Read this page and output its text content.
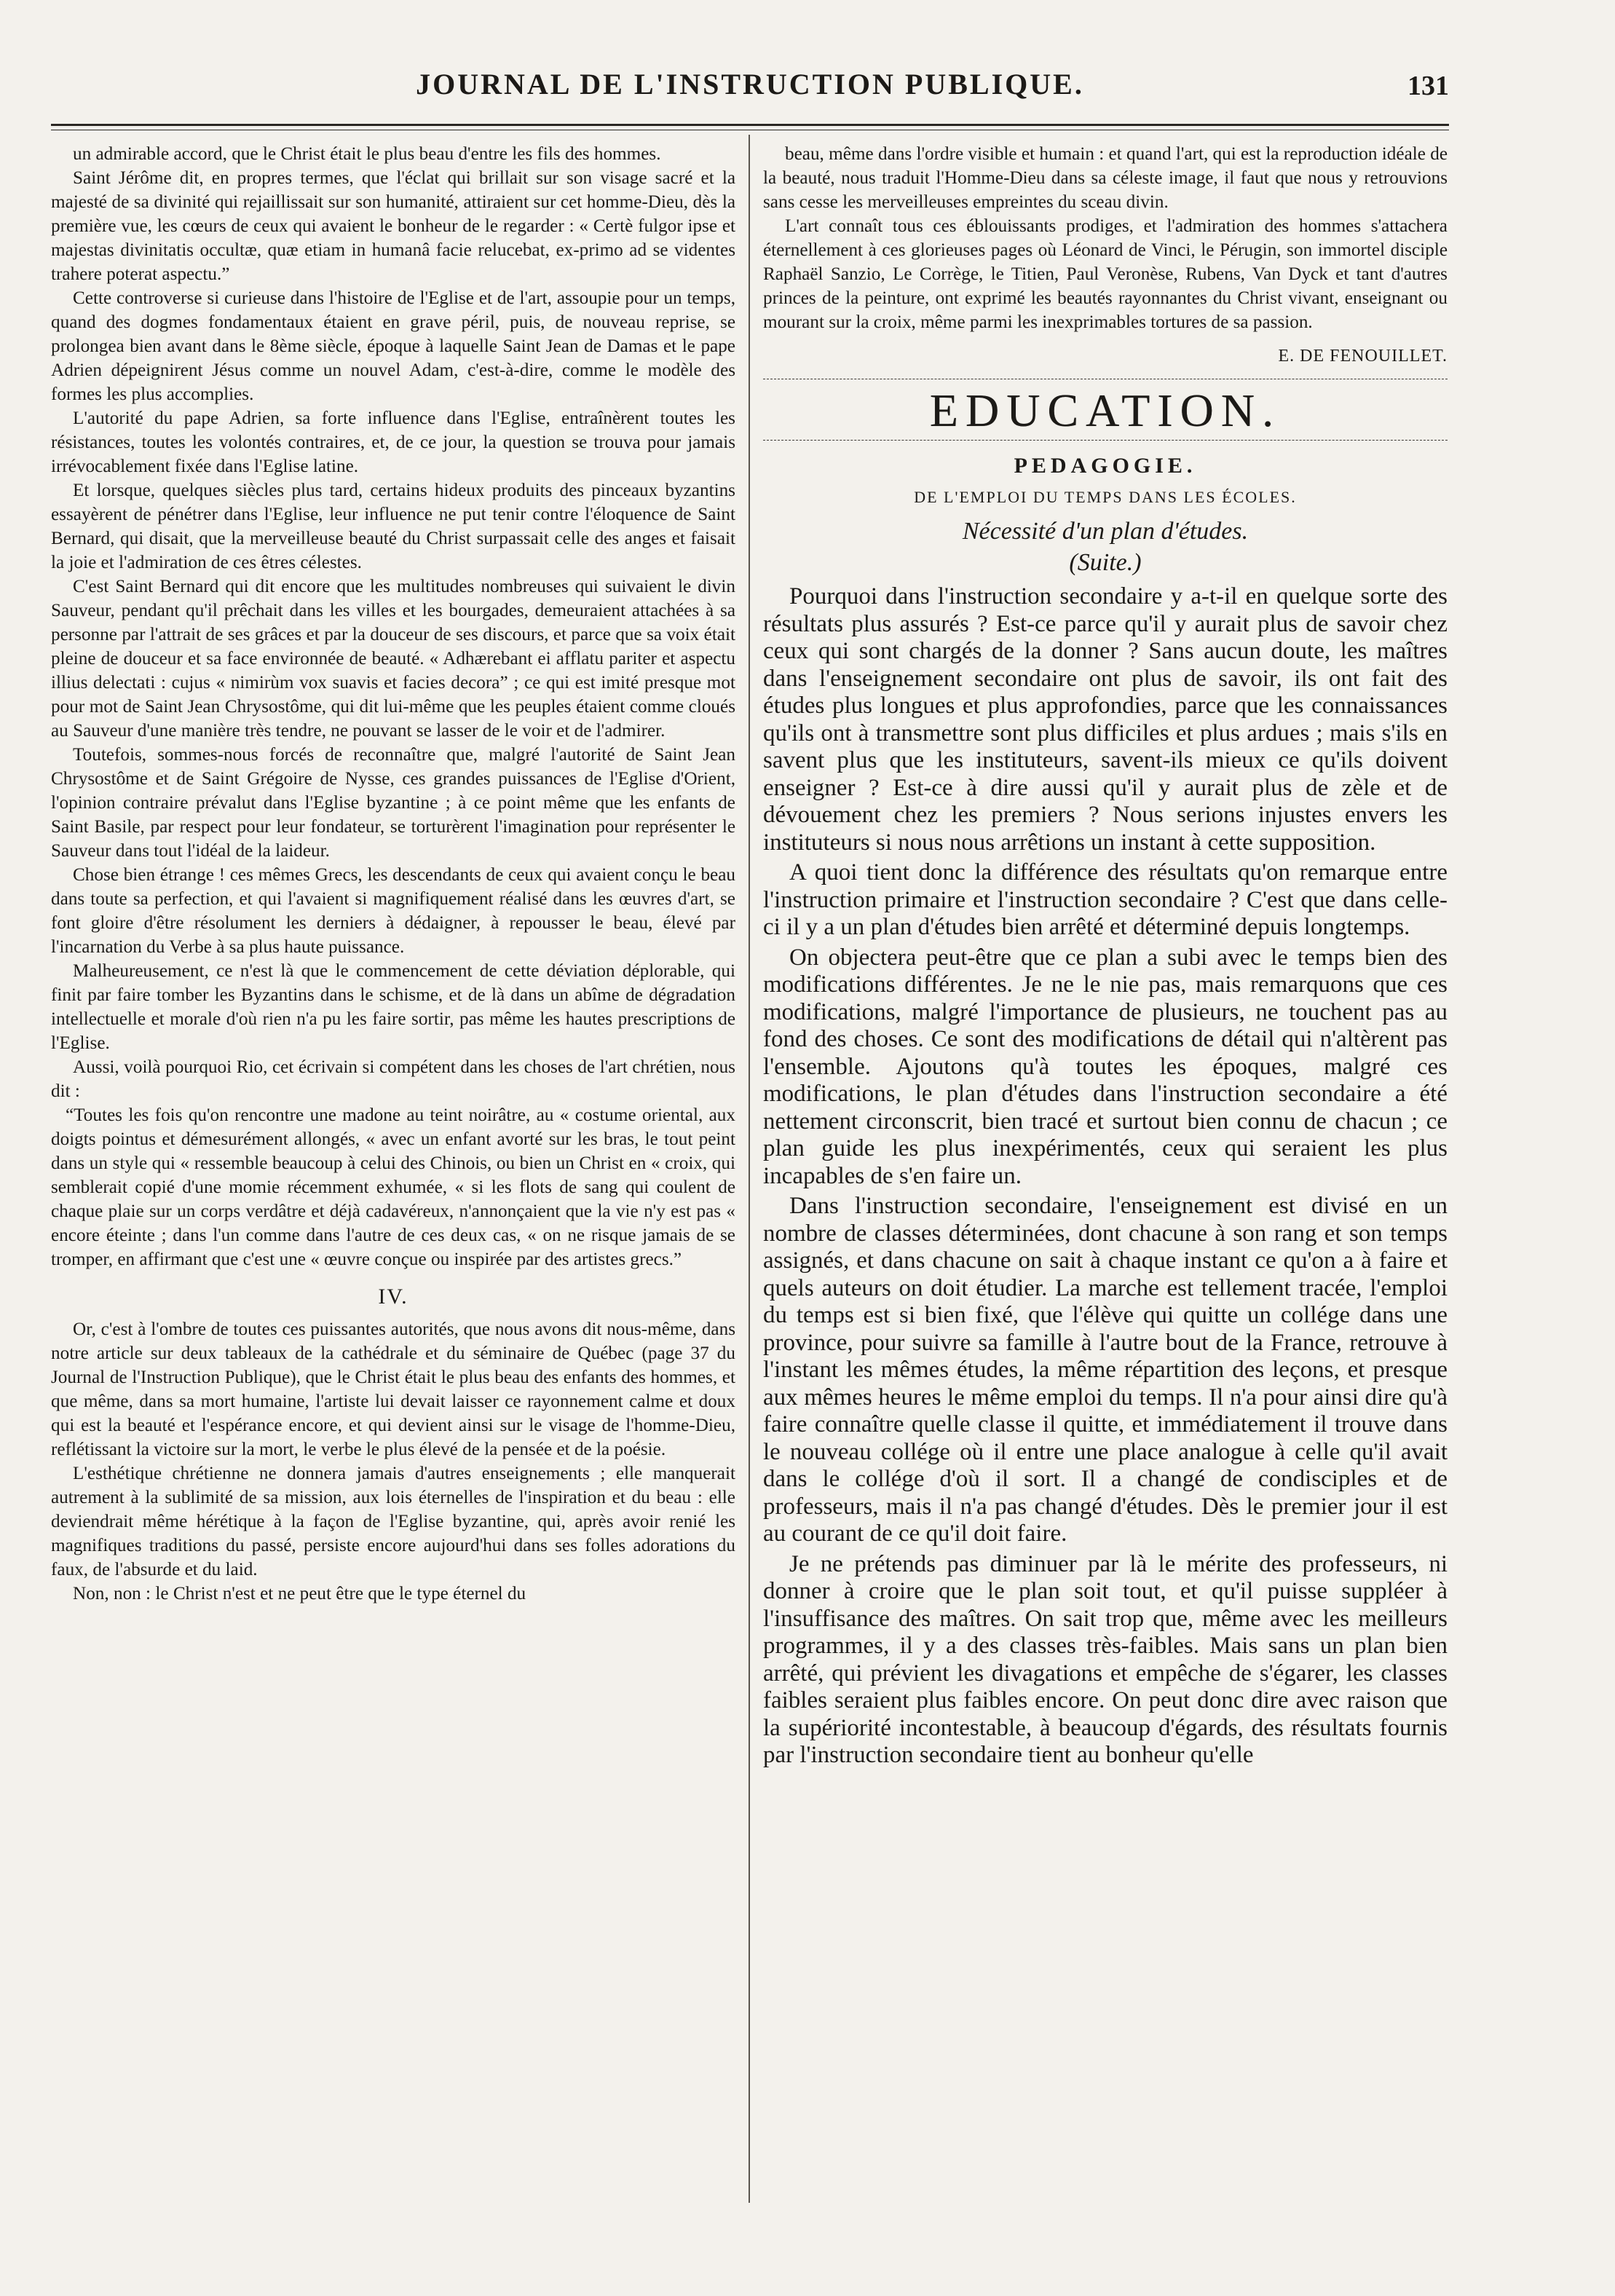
JOURNAL DE L'INSTRUCTION PUBLIQUE.	131

un admirable accord, que le Christ était le plus beau d'entre les fils des hommes.

Saint Jérôme dit, en propres termes, que l'éclat qui brillait sur son visage sacré et la majesté de sa divinité qui rejaillissait sur son humanité, attiraient sur cet homme-Dieu, dès la première vue, les cœurs de ceux qui avaient le bonheur de le regarder : « Certè fulgor ipse et majestas divinitatis occultæ, quæ etiam in humanâ facie relucebat, ex-primo ad se videntes trahere poterat aspectu.”

Cette controverse si curieuse dans l'histoire de l'Eglise et de l'art, assoupie pour un temps, quand des dogmes fondamentaux étaient en grave péril, puis, de nouveau reprise, se prolongea bien avant dans le 8ème siècle, époque à laquelle Saint Jean de Damas et le pape Adrien dépeignirent Jésus comme un nouvel Adam, c'est-à-dire, comme le modèle des formes les plus accomplies.

L'autorité du pape Adrien, sa forte influence dans l'Eglise, entraînèrent toutes les résistances, toutes les volontés contraires, et, de ce jour, la question se trouva pour jamais irrévocablement fixée dans l'Eglise latine.

Et lorsque, quelques siècles plus tard, certains hideux produits des pinceaux byzantins essayèrent de pénétrer dans l'Eglise, leur influence ne put tenir contre l'éloquence de Saint Bernard, qui disait, que la merveilleuse beauté du Christ surpassait celle des anges et faisait la joie et l'admiration de ces êtres célestes.

C'est Saint Bernard qui dit encore que les multitudes nombreuses qui suivaient le divin Sauveur, pendant qu'il prêchait dans les villes et les bourgades, demeuraient attachées à sa personne par l'attrait de ses grâces et par la douceur de ses discours, et parce que sa voix était pleine de douceur et sa face environnée de beauté. « Adhærebant ei afflatu pariter et aspectu illius delectati : cujus « nimirùm vox suavis et facies decora” ; ce qui est imité presque mot pour mot de Saint Jean Chrysostôme, qui dit lui-même que les peuples étaient comme cloués au Sauveur d'une manière très tendre, ne pouvant se lasser de le voir et de l'admirer.

Toutefois, sommes-nous forcés de reconnaître que, malgré l'autorité de Saint Jean Chrysostôme et de Saint Grégoire de Nysse, ces grandes puissances de l'Eglise d'Orient, l'opinion contraire prévalut dans l'Eglise byzantine ; à ce point même que les enfants de Saint Basile, par respect pour leur fondateur, se torturèrent l'imagination pour représenter le Sauveur dans tout l'idéal de la laideur.

Chose bien étrange ! ces mêmes Grecs, les descendants de ceux qui avaient conçu le beau dans toute sa perfection, et qui l'avaient si magnifiquement réalisé dans les œuvres d'art, se font gloire d'être résolument les derniers à dédaigner, à repousser le beau, élevé par l'incarnation du Verbe à sa plus haute puissance.

Malheureusement, ce n'est là que le commencement de cette déviation déplorable, qui finit par faire tomber les Byzantins dans le schisme, et de là dans un abîme de dégradation intellectuelle et morale d'où rien n'a pu les faire sortir, pas même les hautes prescriptions de l'Eglise.

Aussi, voilà pourquoi Rio, cet écrivain si compétent dans les choses de l'art chrétien, nous dit :

“Toutes les fois qu'on rencontre une madone au teint noirâtre, au « costume oriental, aux doigts pointus et démesurément allongés, « avec un enfant avorté sur les bras, le tout peint dans un style qui « ressemble beaucoup à celui des Chinois, ou bien un Christ en « croix, qui semblerait copié d'une momie récemment exhumée, « si les flots de sang qui coulent de chaque plaie sur un corps verdâtre et déjà cadavéreux, n'annonçaient que la vie n'y est pas « encore éteinte ; dans l'un comme dans l'autre de ces deux cas, « on ne risque jamais de se tromper, en affirmant que c'est une « œuvre conçue ou inspirée par des artistes grecs.”

IV.

Or, c'est à l'ombre de toutes ces puissantes autorités, que nous avons dit nous-même, dans notre article sur deux tableaux de la cathédrale et du séminaire de Québec (page 37 du Journal de l'Instruction Publique), que le Christ était le plus beau des enfants des hommes, et que même, dans sa mort humaine, l'artiste lui devait laisser ce rayonnement calme et doux qui est la beauté et l'espérance encore, et qui devient ainsi sur le visage de l'homme-Dieu, reflétissant la victoire sur la mort, le verbe le plus élevé de la pensée et de la poésie.

L'esthétique chrétienne ne donnera jamais d'autres enseignements ; elle manquerait autrement à la sublimité de sa mission, aux lois éternelles de l'inspiration et du beau : elle deviendrait même hérétique à la façon de l'Eglise byzantine, qui, après avoir renié les magnifiques traditions du passé, persiste encore aujourd'hui dans ses folles adorations du faux, de l'absurde et du laid.

Non, non : le Christ n'est et ne peut être que le type éternel du

beau, même dans l'ordre visible et humain : et quand l'art, qui est la reproduction idéale de la beauté, nous traduit l'Homme-Dieu dans sa céleste image, il faut que nous y retrouvions sans cesse les merveilleuses empreintes du sceau divin.

L'art connaît tous ces éblouissants prodiges, et l'admiration des hommes s'attachera éternellement à ces glorieuses pages où Léonard de Vinci, le Pérugin, son immortel disciple Raphaël Sanzio, Le Corrège, le Titien, Paul Veronèse, Rubens, Van Dyck et tant d'autres princes de la peinture, ont exprimé les beautés rayonnantes du Christ vivant, enseignant ou mourant sur la croix, même parmi les inexprimables tortures de sa passion.

E. DE FENOUILLET.
EDUCATION.
PEDAGOGIE.
DE L'EMPLOI DU TEMPS DANS LES ÉCOLES.
Nécessité d'un plan d'études.
(Suite.)

Pourquoi dans l'instruction secondaire y a-t-il en quelque sorte des résultats plus assurés ? Est-ce parce qu'il y aurait plus de savoir chez ceux qui sont chargés de la donner ? Sans aucun doute, les maîtres dans l'enseignement secondaire ont plus de savoir, ils ont fait des études plus longues et plus approfondies, parce que les connaissances qu'ils ont à transmettre sont plus difficiles et plus ardues ; mais s'ils en savent plus que les instituteurs, savent-ils mieux ce qu'ils doivent enseigner ? Est-ce à dire aussi qu'il y aurait plus de zèle et de dévouement chez les premiers ? Nous serions injustes envers les instituteurs si nous nous arrêtions un instant à cette supposition.

A quoi tient donc la différence des résultats qu'on remarque entre l'instruction primaire et l'instruction secondaire ? C'est que dans celle-ci il y a un plan d'études bien arrêté et déterminé depuis longtemps.

On objectera peut-être que ce plan a subi avec le temps bien des modifications différentes. Je ne le nie pas, mais remarquons que ces modifications, malgré l'importance de plusieurs, ne touchent pas au fond des choses. Ce sont des modifications de détail qui n'altèrent pas l'ensemble. Ajoutons qu'à toutes les époques, malgré ces modifications, le plan d'études dans l'instruction secondaire a été nettement circonscrit, bien tracé et surtout bien connu de chacun ; ce plan guide les plus inexpérimentés, ceux qui seraient les plus incapables de s'en faire un.

Dans l'instruction secondaire, l'enseignement est divisé en un nombre de classes déterminées, dont chacune à son rang et son temps assignés, et dans chacune on sait à chaque instant ce qu'on a à faire et quels auteurs on doit étudier. La marche est tellement tracée, l'emploi du temps est si bien fixé, que l'élève qui quitte un collége dans une province, pour suivre sa famille à l'autre bout de la France, retrouve à l'instant les mêmes études, la même répartition des leçons, et presque aux mêmes heures le même emploi du temps. Il n'a pour ainsi dire qu'à faire connaître quelle classe il quitte, et immédiatement il trouve dans le nouveau collége où il entre une place analogue à celle qu'il avait dans le collége d'où il sort. Il a changé de condisciples et de professeurs, mais il n'a pas changé d'études. Dès le premier jour il est au courant de ce qu'il doit faire.

Je ne prétends pas diminuer par là le mérite des professeurs, ni donner à croire que le plan soit tout, et qu'il puisse suppléer à l'insuffisance des maîtres. On sait trop que, même avec les meilleurs programmes, il y a des classes très-faibles. Mais sans un plan bien arrêté, qui prévient les divagations et empêche de s'égarer, les classes faibles seraient plus faibles encore. On peut donc dire avec raison que la supériorité incontestable, à beaucoup d'égards, des résultats fournis par l'instruction secondaire tient au bonheur qu'elle
